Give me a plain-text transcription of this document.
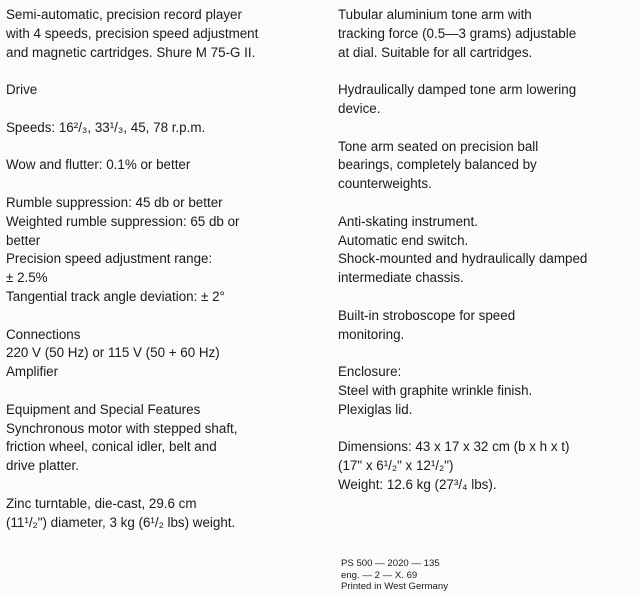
Semi-automatic, precision record player
with 4 speeds, precision speed adjustment
and magnetic cartridges. Shure M 75-G II.
Drive
Speeds: 16²/₃, 33¹/₃, 45, 78 r.p.m.
Wow and flutter: 0.1% or better
Rumble suppression: 45 db or better
Weighted rumble suppression: 65 db or
better
Precision speed adjustment range:
± 2.5%
Tangential track angle deviation: ± 2°
Connections
220 V (50 Hz) or 115 V (50 + 60 Hz)
Amplifier
Equipment and Special Features
Synchronous motor with stepped shaft,
friction wheel, conical idler, belt and
drive platter.
Zinc turntable, die-cast, 29.6 cm
(11¹/₂") diameter, 3 kg (6¹/₂ lbs) weight.
Tubular aluminium tone arm with
tracking force (0.5—3 grams) adjustable
at dial. Suitable for all cartridges.
Hydraulically damped tone arm lowering
device.
Tone arm seated on precision ball
bearings, completely balanced by
counterweights.
Anti-skating instrument.
Automatic end switch.
Shock-mounted and hydraulically damped
intermediate chassis.
Built-in stroboscope for speed
monitoring.
Enclosure:
Steel with graphite wrinkle finish.
Plexiglas lid.
Dimensions: 43 x 17 x 32 cm (b x h x t)
(17" x 6¹/₂" x 12¹/₂")
Weight: 12.6 kg (27³/₄ lbs).
PS 500 — 2020 — 135
eng. — 2 — X. 69
Printed in West Germany
